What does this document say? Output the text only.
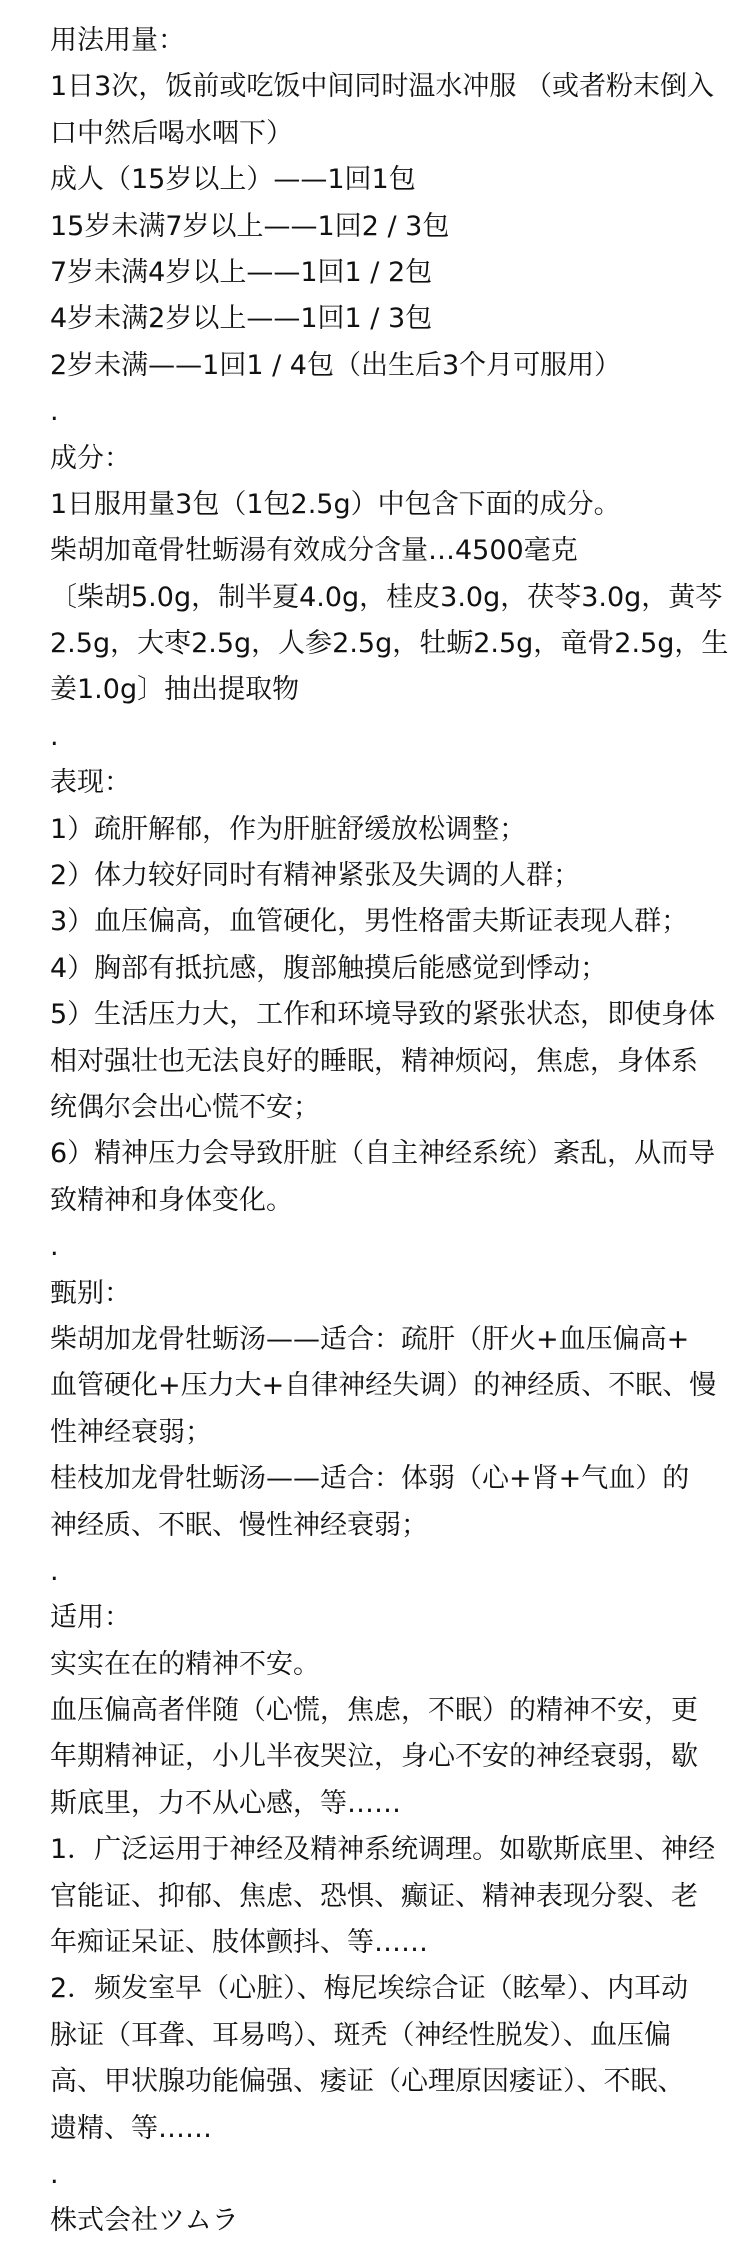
用法用量：
1日3次，饭前或吃饭中间同时温水冲服 （或者粉末倒入
口中然后喝水咽下）
成人（15岁以上）——1回1包
15岁未满7岁以上——1回2 / 3包
7岁未满4岁以上——1回1 / 2包
4岁未满2岁以上——1回1 / 3包
2岁未满——1回1 / 4包（出生后3个月可服用）
.
成分：
1日服用量3包（1包2.5g）中包含下面的成分。
柴胡加竜骨牡蛎湯有效成分含量…4500毫克
〔柴胡5.0g，制半夏4.0g，桂皮3.0g，茯苓3.0g，黄芩
2.5g，大枣2.5g，人参2.5g，牡蛎2.5g，竜骨2.5g，生
姜1.0g〕抽出提取物
.
表现：
1）疏肝解郁，作为肝脏舒缓放松调整；
2）体力较好同时有精神紧张及失调的人群；
3）血压偏高，血管硬化，男性格雷夫斯证表现人群；
4）胸部有抵抗感，腹部触摸后能感觉到悸动；
5）生活压力大，工作和环境导致的紧张状态，即使身体
相对强壮也无法良好的睡眠，精神烦闷，焦虑，身体系
统偶尔会出心慌不安；
6）精神压力会导致肝脏（自主神经系统）紊乱，从而导
致精神和身体变化。
.
甄别：
柴胡加龙骨牡蛎汤——适合：疏肝（肝火+血压偏高+
血管硬化+压力大+自律神经失调）的神经质、不眠、慢
性神经衰弱；
桂枝加龙骨牡蛎汤——适合：体弱（心+肾+气血）的
神经质、不眠、慢性神经衰弱；
.
适用：
实实在在的精神不安。
血压偏高者伴随（心慌，焦虑，不眠）的精神不安，更
年期精神证，小儿半夜哭泣，身心不安的神经衰弱，歇
斯底里，力不从心感，等……
1．广泛运用于神经及精神系统调理。如歇斯底里、神经
官能证、抑郁、焦虑、恐惧、癫证、精神表现分裂、老
年痴证呆证、肢体颤抖、等……
2．频发室早（心脏）、梅尼埃综合证（眩晕）、内耳动
脉证（耳聋、耳易鸣）、斑秃（神经性脱发）、血压偏
高、甲状腺功能偏强、痿证（心理原因痿证）、不眠、
遗精、等……
.
株式会社ツムラ
